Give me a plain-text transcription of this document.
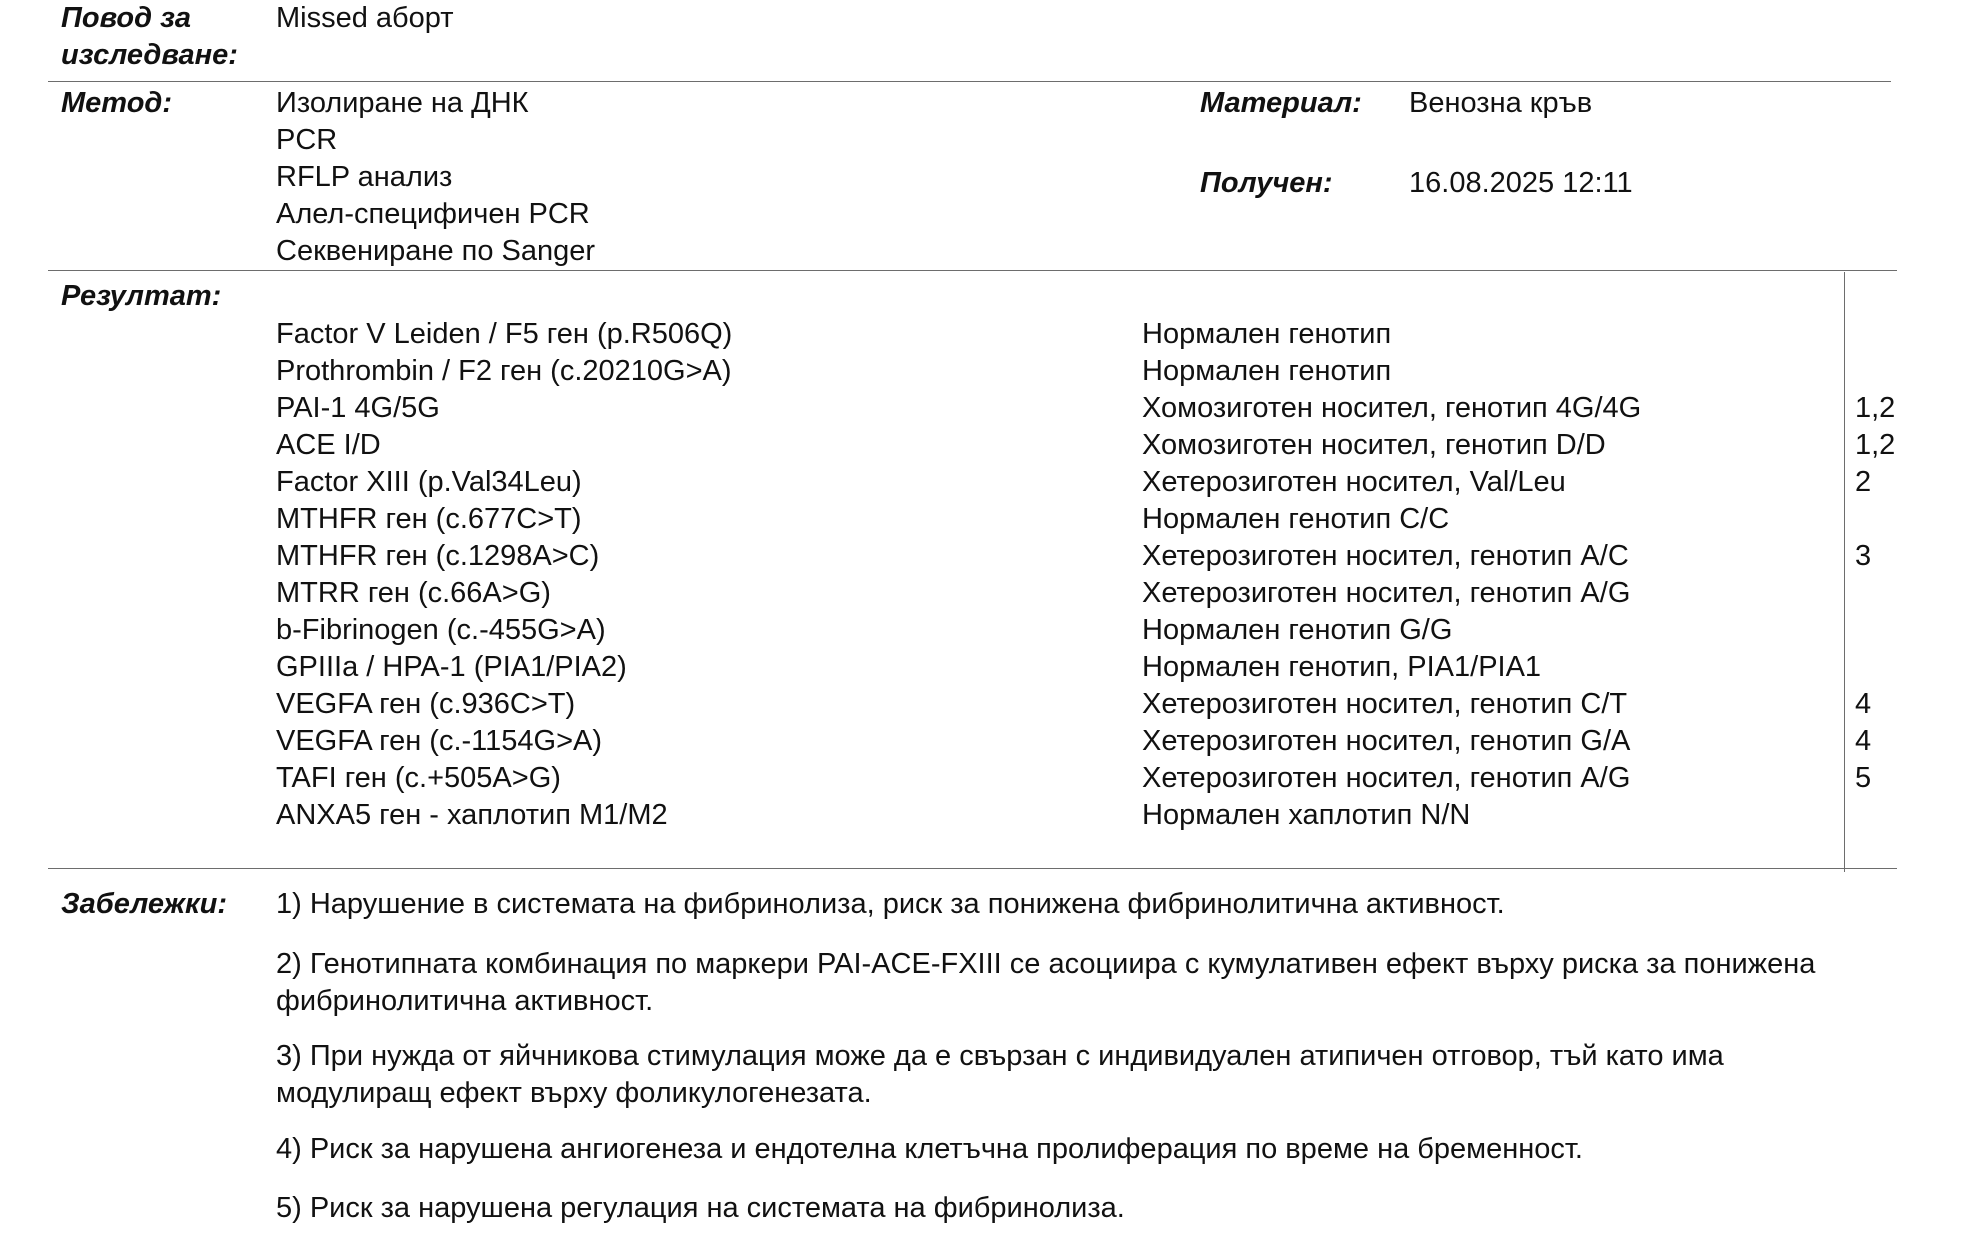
Повод за
изследване:
Missed аборт
Метод:	Изолиране на ДНК
PCR
RFLP анализ
Алел-специфичен PCR
Секвениране по Sanger
Материал: Венозна кръв
Получен:	16.08.2025 12:11
Резултат:
Factor V Leiden / F5 ген (p.R506Q)
Prothrombin / F2 ген (c.20210G>A)
PAI-1 4G/5G
ACE I/D
Factor XIII (p.Val34Leu)
MTHFR ген (c.677C>T)
MTHFR ген (c.1298A>C)
MTRR ген (c.66A>G)
b-Fibrinogen (c.-455G>A)
GPIIIa / HPA-1 (PIA1/PIA2)
VEGFA ген (c.936C>T)
VEGFA ген (c.-1154G>A)
TAFI ген (c.+505A>G)
ANXA5 ген - хаплотип M1/M2
Нормален генотип
Нормален генотип
Хомозиготен носител, генотип 4G/4G
Хомозиготен носител, генотип D/D
Хетерозиготен носител, Val/Leu
Нормален генотип C/C
Хетерозиготен носител, генотип A/C
Хетерозиготен носител, генотип A/G
Нормален генотип G/G
Нормален генотип, PIA1/PIA1
Хетерозиготен носител, генотип C/T
Хетерозиготен носител, генотип G/A
Хетерозиготен носител, генотип A/G
Нормален хаплотип N/N

1,2
1,2
2

3

4
4
5

Забележки: 1) Нарушение в системата на фибринолиза, риск за понижена фибринолитична активност.
2) Генотипната комбинация по маркери PAI-ACE-FXIII се асоциира с кумулативен ефект върху риска за понижена фибринолитична активност.
3) При нужда от яйчникова стимулация може да е свързан с индивидуален атипичен отговор, тъй като има модулиращ ефект върху фоликулогенезата.
4) Риск за нарушена ангиогенеза и ендотелна клетъчна пролиферация по време на бременност.
5) Риск за нарушена регулация на системата на фибринолиза.
